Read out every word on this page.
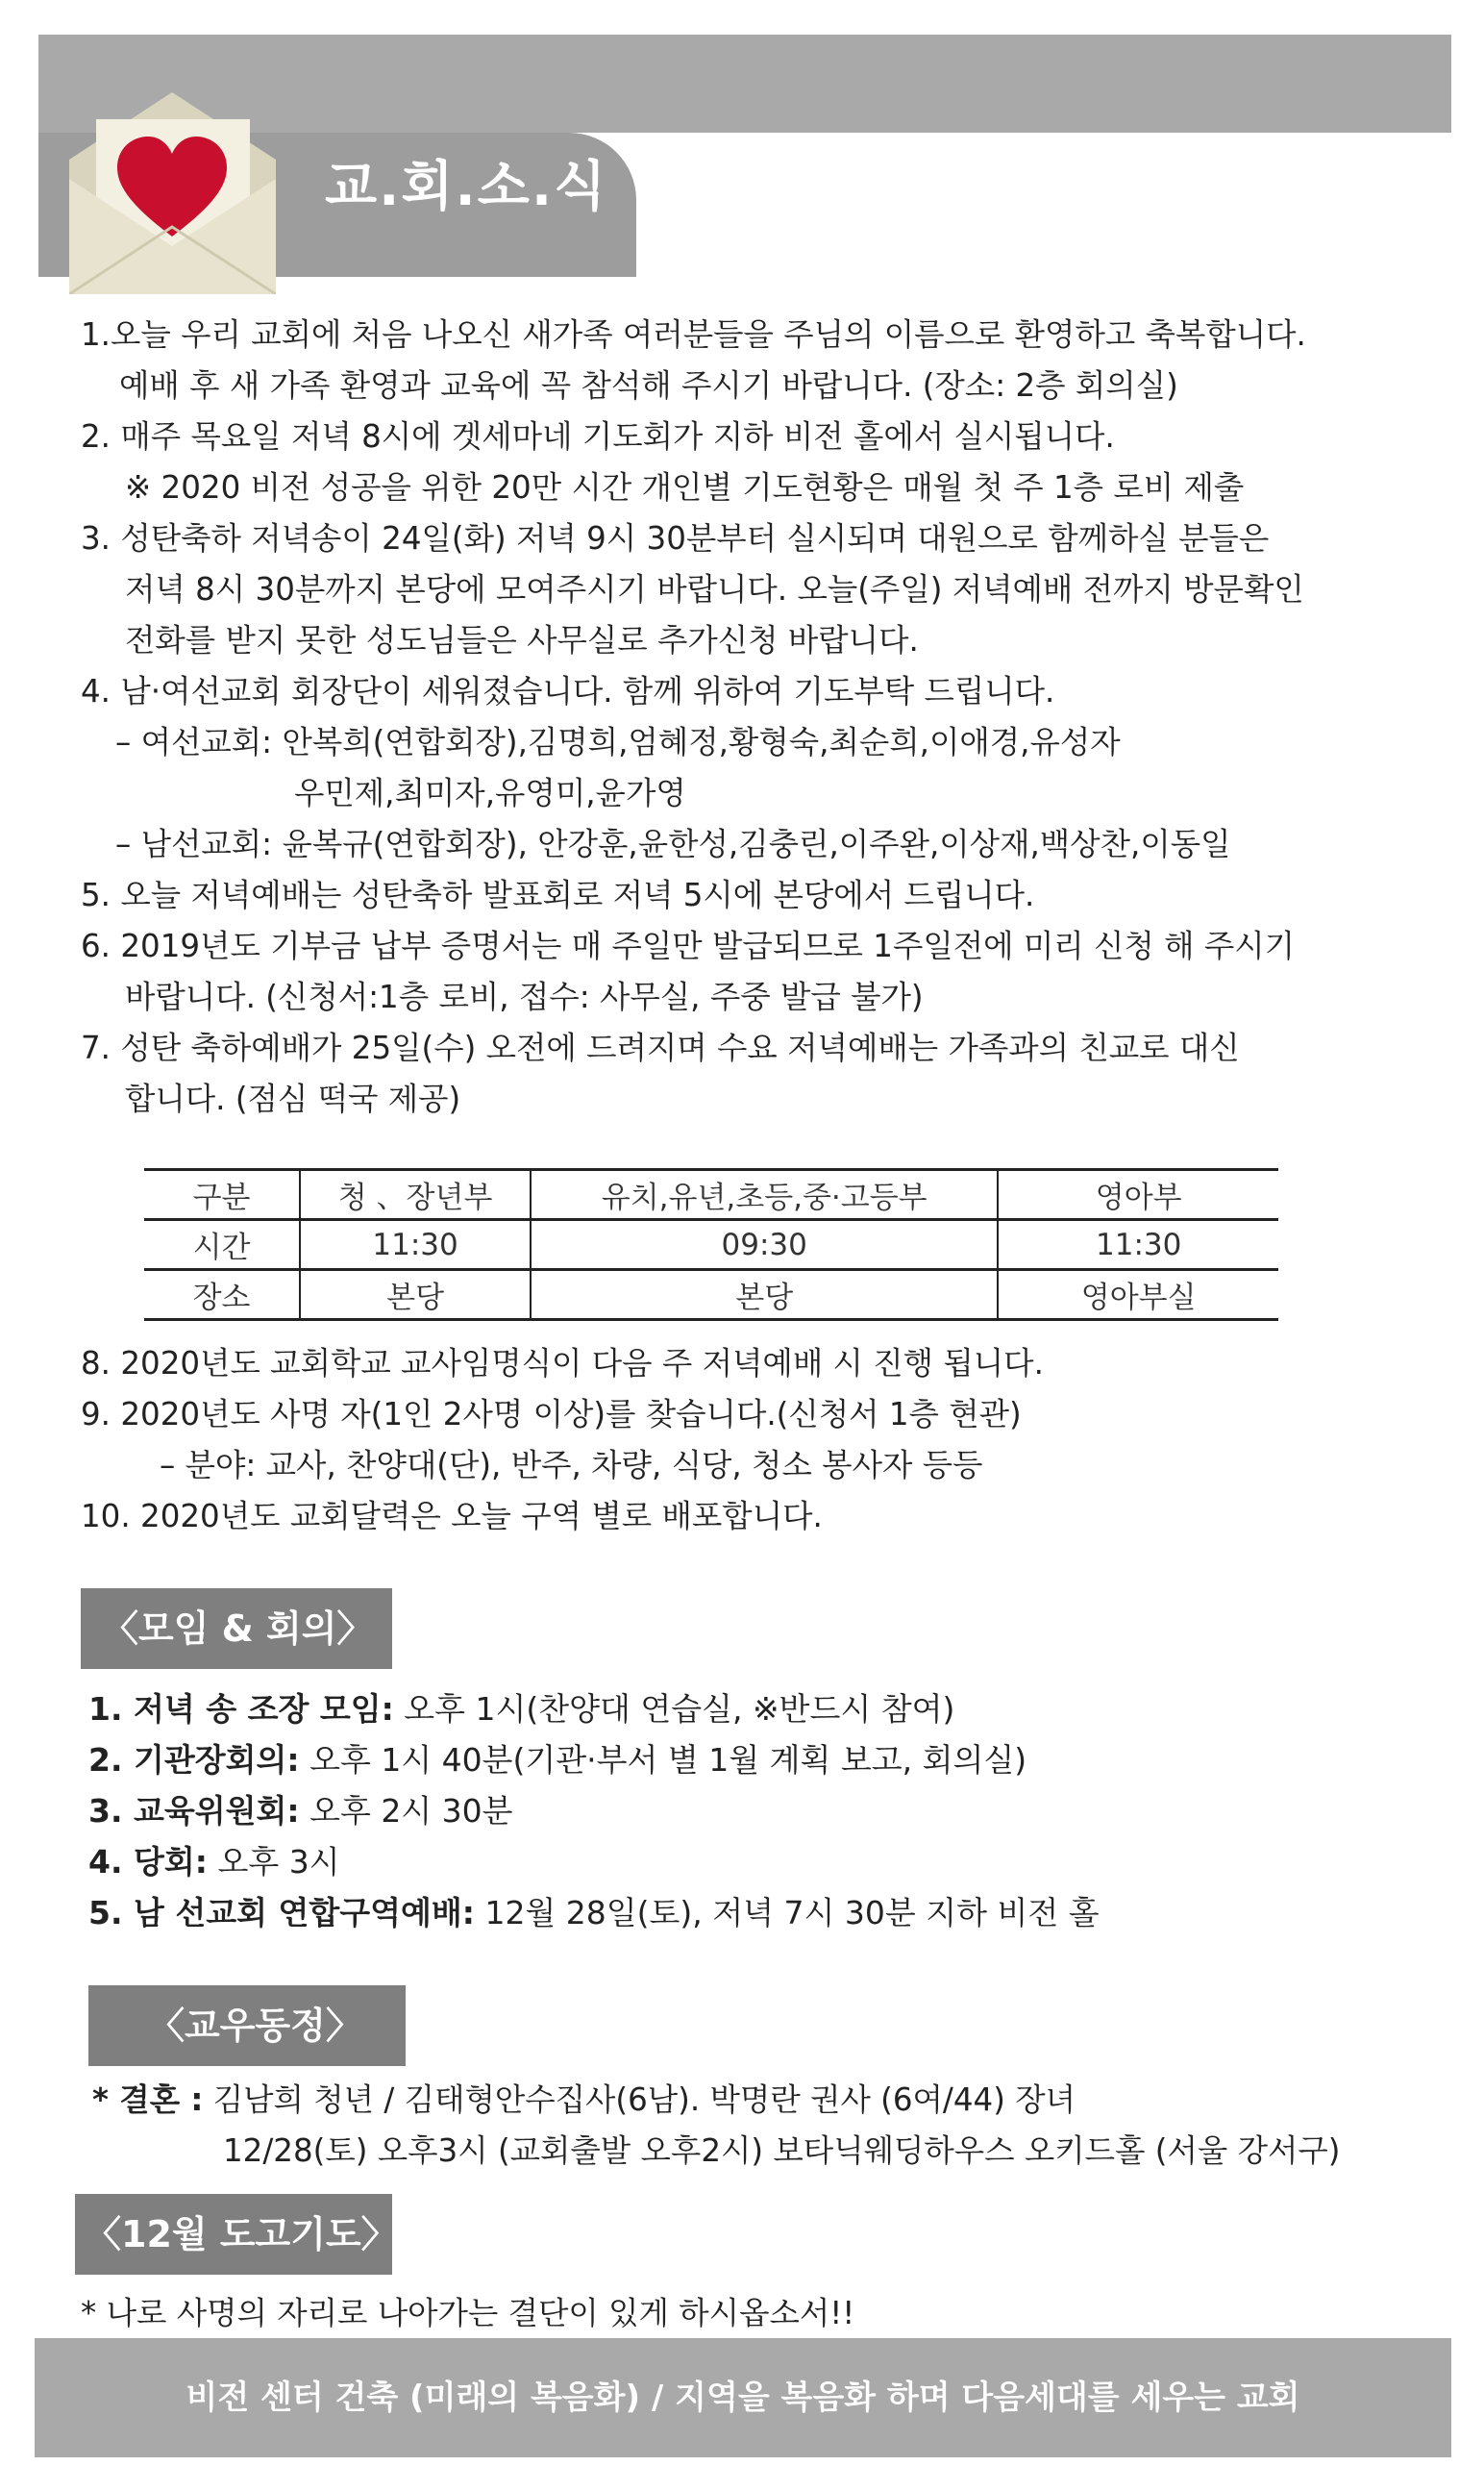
교.회.소.식
1.오늘 우리 교회에 처음 나오신 새가족 여러분들을 주님의 이름으로 환영하고 축복합니다.
예배 후 새 가족 환영과 교육에 꼭 참석해 주시기 바랍니다. (장소: 2층 회의실)
2. 매주 목요일 저녁 8시에 겟세마네 기도회가 지하 비전 홀에서 실시됩니다.
※ 2020 비전 성공을 위한 20만 시간 개인별 기도현황은 매월 첫 주 1층 로비 제출
3. 성탄축하 저녁송이 24일(화) 저녁 9시 30분부터 실시되며 대원으로 함께하실 분들은
저녁 8시 30분까지 본당에 모여주시기 바랍니다. 오늘(주일) 저녁예배 전까지 방문확인
전화를 받지 못한 성도님들은 사무실로 추가신청 바랍니다.
4. 남·여선교회 회장단이 세워졌습니다. 함께 위하여 기도부탁 드립니다.
– 여선교회: 안복희(연합회장),김명희,엄혜정,황형숙,최순희,이애경,유성자
우민제,최미자,유영미,윤가영
– 남선교회: 윤복규(연합회장), 안강훈,윤한성,김충린,이주완,이상재,백상찬,이동일
5. 오늘 저녁예배는 성탄축하 발표회로 저녁 5시에 본당에서 드립니다.
6. 2019년도 기부금 납부 증명서는 매 주일만 발급되므로 1주일전에 미리 신청 해 주시기
바랍니다. (신청서:1층 로비, 접수: 사무실, 주중 발급 불가)
7. 성탄 축하예배가 25일(수) 오전에 드려지며 수요 저녁예배는 가족과의 친교로 대신
합니다. (점심 떡국 제공)
구분	청 、장년부	유치,유년,초등,중·고등부	영아부
시간	11:30	09:30	11:30
장소	본당	본당	영아부실
8. 2020년도 교회학교 교사임명식이 다음 주 저녁예배 시 진행 됩니다.
9. 2020년도 사명 자(1인 2사명 이상)를 찾습니다.(신청서 1층 현관)
– 분야: 교사, 찬양대(단), 반주, 차량, 식당, 청소 봉사자 등등
10. 2020년도 교회달력은 오늘 구역 별로 배포합니다.
〈모임 & 회의〉
1. 저녁 송 조장 모임: 오후 1시(찬양대 연습실, ※반드시 참여)
2. 기관장회의: 오후 1시 40분(기관·부서 별 1월 계획 보고, 회의실)
3. 교육위원회: 오후 2시 30분
4. 당회: 오후 3시
5. 남 선교회 연합구역예배: 12월 28일(토), 저녁 7시 30분 지하 비전 홀
〈교우동정〉
* 결혼 : 김남희 청년 / 김태형안수집사(6남). 박명란 권사 (6여/44) 장녀
12/28(토) 오후3시 (교회출발 오후2시) 보타닉웨딩하우스 오키드홀 (서울 강서구)
〈12월 도고기도〉
* 나로 사명의 자리로 나아가는 결단이 있게 하시옵소서!!
비전 센터 건축 (미래의 복음화) / 지역을 복음화 하며 다음세대를 세우는 교회
